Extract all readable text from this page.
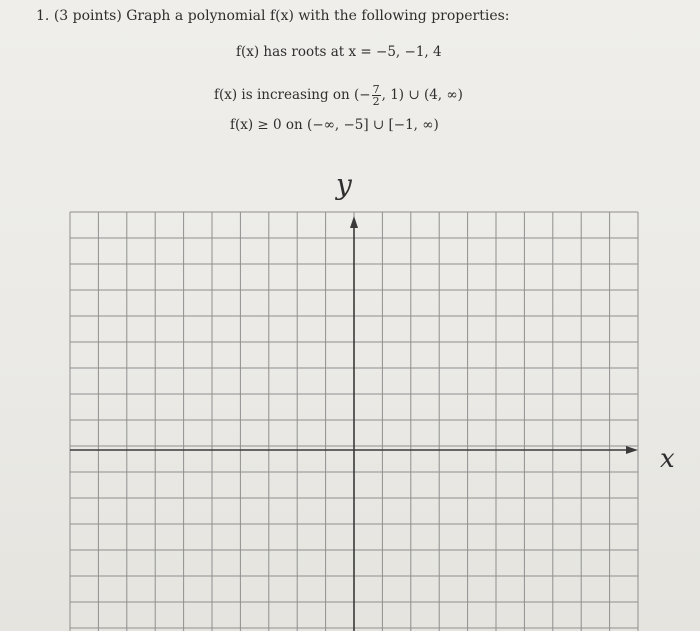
1. (3 points) Graph a polynomial f(x) with the following properties:
f(x) has roots at x = −5, −1, 4
f(x) is increasing on (− $\frac{7}{2}$ , 1) ∪ (4, ∞)
f(x) ≥ 0 on (−∞, −5] ∪ [−1, ∞)
y
x
